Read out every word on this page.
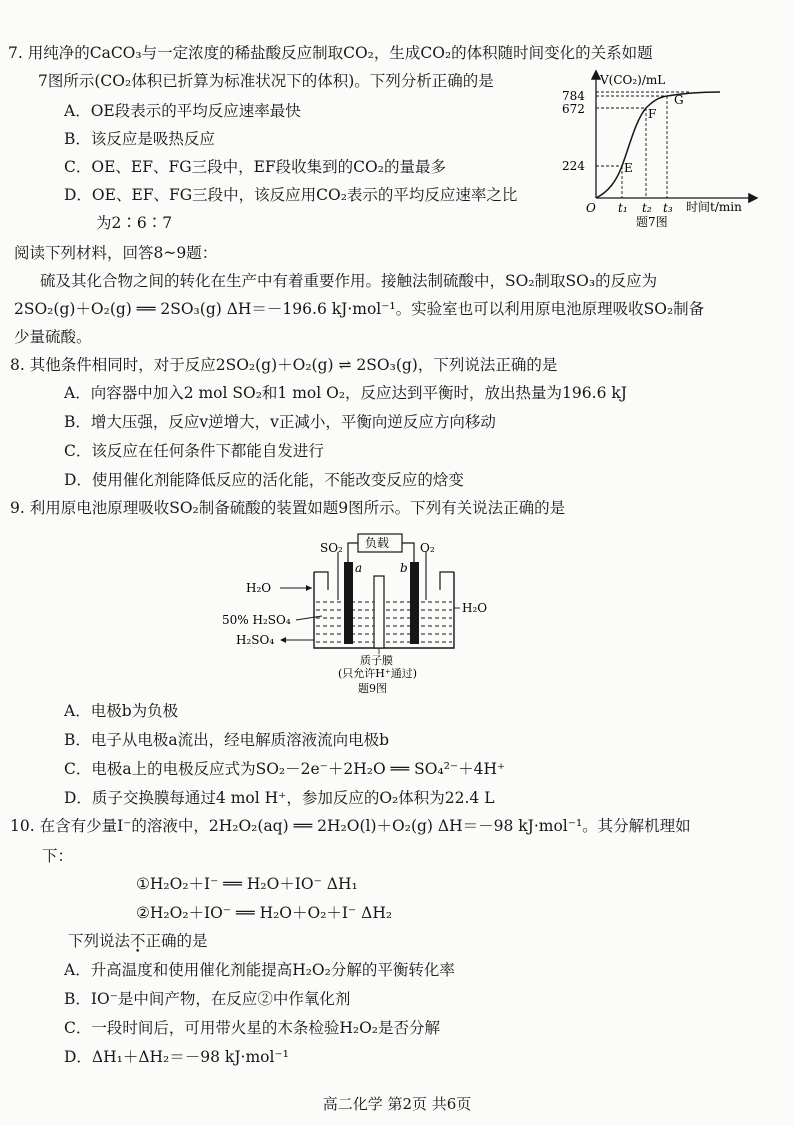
7. 用纯净的CaCO₃与一定浓度的稀盐酸反应制取CO₂，生成CO₂的体积随时间变化的关系如题
7图所示(CO₂体积已折算为标准状况下的体积)。下列分析正确的是
A．OE段表示的平均反应速率最快
B．该反应是吸热反应
C．OE、EF、FG三段中，EF段收集到的CO₂的量最多
D．OE、EF、FG三段中，该反应用CO₂表示的平均反应速率之比
为2∶6∶7
V(CO₂)/mL
784
672
224
O t₁ t₂ t₃ 时间t/min
E
F
G
题7图
阅读下列材料，回答8~9题：
硫及其化合物之间的转化在生产中有着重要作用。接触法制硫酸中，SO₂制取SO₃的反应为
2SO₂(g)＋O₂(g) ══ 2SO₃(g) ΔH＝－196.6 kJ·mol⁻¹。实验室也可以利用原电池原理吸收SO₂制备
少量硫酸。
8. 其他条件相同时，对于反应2SO₂(g)＋O₂(g) ⇌ 2SO₃(g)，下列说法正确的是
A．向容器中加入2 mol SO₂和1 mol O₂，反应达到平衡时，放出热量为196.6 kJ
B．增大压强，反应v逆增大，v正减小，平衡向逆反应方向移动
C．该反应在任何条件下都能自发进行
D．使用催化剂能降低反应的活化能，不能改变反应的焓变
9. 利用原电池原理吸收SO₂制备硫酸的装置如题9图所示。下列有关说法正确的是
负载
a	b
SO₂	O₂
H₂O
50% H₂SO₄
H₂SO₄
H₂O
质子膜
(只允许H⁺通过)
题9图
A．电极b为负极
B．电子从电极a流出，经电解质溶液流向电极b
C．电极a上的电极反应式为SO₂－2e⁻＋2H₂O ══ SO₄²⁻＋4H⁺
D．质子交换膜每通过4 mol H⁺，参加反应的O₂体积为22.4 L
10. 在含有少量I⁻的溶液中，2H₂O₂(aq) ══ 2H₂O(l)＋O₂(g) ΔH＝－98 kJ·mol⁻¹。其分解机理如
下：
①H₂O₂＋I⁻ ══ H₂O＋IO⁻ ΔH₁
②H₂O₂＋IO⁻ ══ H₂O＋O₂＋I⁻ ΔH₂
下列说法不正确的是
A．升高温度和使用催化剂能提高H₂O₂分解的平衡转化率
B．IO⁻是中间产物，在反应②中作氧化剂
C．一段时间后，可用带火星的木条检验H₂O₂是否分解
D．ΔH₁＋ΔH₂＝－98 kJ·mol⁻¹
高二化学 第2页 共6页
